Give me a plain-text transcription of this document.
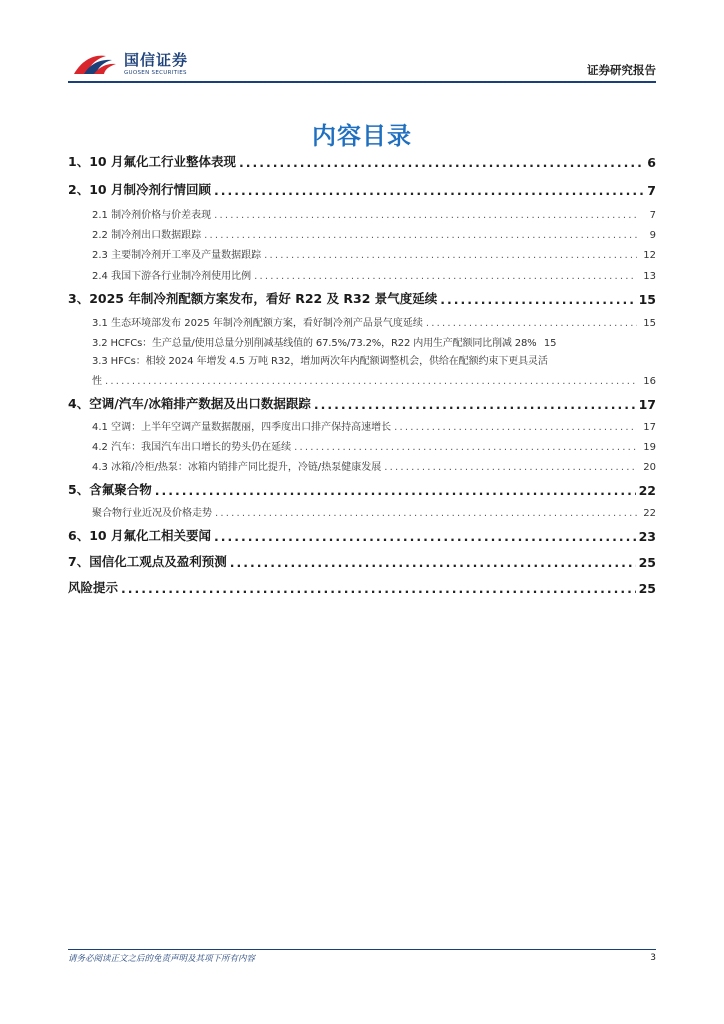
国信证券
GUOSEN SECURITIES	证券研究报告
内容目录
1、10 月氟化工行业整体表现 .....	6
2、10 月制冷剂行情回顾 .....	7
2.1 制冷剂价格与价差表现 .....	7
2.2 制冷剂出口数据跟踪 .....	9
2.3 主要制冷剂开工率及产量数据跟踪 .....	12
2.4 我国下游各行业制冷剂使用比例 .....	13
3、2025 年制冷剂配额方案发布，看好 R22 及 R32 景气度延续 .....	15
3.1 生态环境部发布 2025 年制冷剂配额方案，看好制冷剂产品景气度延续 .....	15
3.2 HCFCs：生产总量/使用总量分别削减基线值的 67.5%/73.2%，R22 内用生产配额同比削减 28% 15
3.3 HFCs：相较 2024 年增发 4.5 万吨 R32，增加两次年内配额调整机会，供给在配额约束下更具灵活
性 .....	16
4、空调/汽车/冰箱排产数据及出口数据跟踪 .....	17
4.1 空调：上半年空调产量数据靓丽，四季度出口排产保持高速增长 .....	17
4.2 汽车：我国汽车出口增长的势头仍在延续 .....	19
4.3 冰箱/冷柜/热泵：冰箱内销排产同比提升，冷链/热泵健康发展 .....	20
5、含氟聚合物 .....	22
聚合物行业近况及价格走势 .....	22
6、10 月氟化工相关要闻 .....	23
7、国信化工观点及盈利预测 .....	25
风险提示 .....	25
请务必阅读正文之后的免责声明及其项下所有内容	3
